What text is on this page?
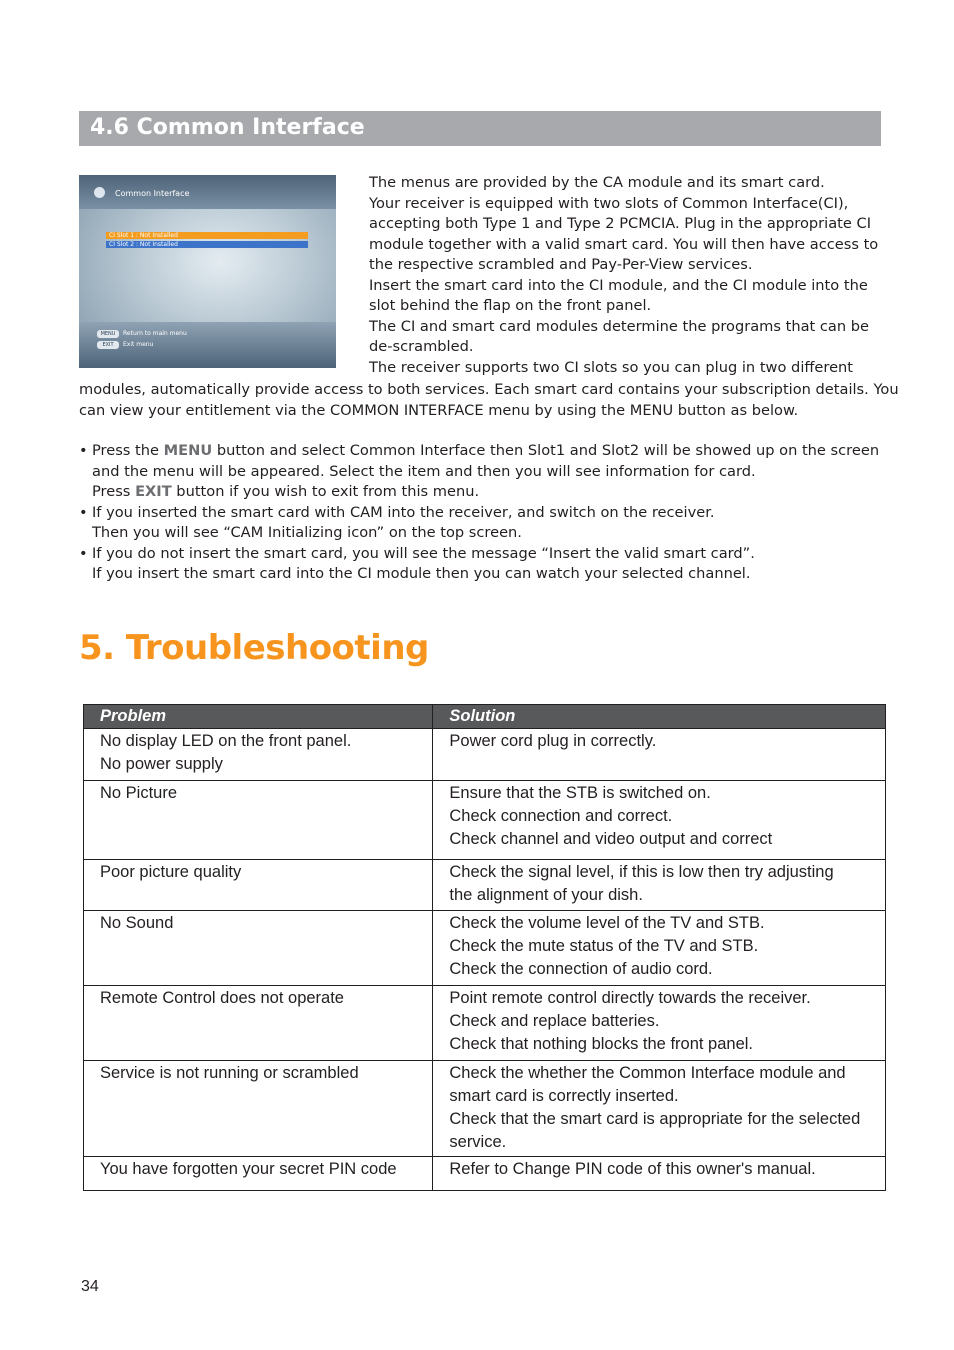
4.6 Common Interface
Common Interface
CI Slot 1 : Not Installed
CI Slot 2 : Not Installed
MENU	Return to main menu
EXIT	Exit menu

The menus are provided by the CA module and its smart card.

Your receiver is equipped with two slots of Common Interface(CI),

accepting both Type 1 and Type 2 PCMCIA. Plug in the appropriate CI

module together with a valid smart card. You will then have access to

the respective scrambled and Pay-Per-View services.

Insert the smart card into the CI module, and the CI module into the

slot behind the flap on the front panel.

The CI and smart card modules determine the programs that can be

de-scrambled.

The receiver supports two CI slots so you can plug in two different

modules, automatically provide access to both services. Each smart card contains your subscription details. You

can view your entitlement via the COMMON INTERFACE menu by using the MENU button as below.

• Press the MENU button and select Common Interface then Slot1 and Slot2 will be showed up on the screen
and the menu will be appeared. Select the item and then you will see information for card.
Press EXIT button if you wish to exit from this menu.
• If you inserted the smart card with CAM into the receiver, and switch on the receiver.
Then you will see “CAM Initializing icon” on the top screen.
• If you do not insert the smart card, you will see the message “Insert the valid smart card”.
If you insert the smart card into the CI module then you can watch your selected channel.
5. Troubleshooting
Problem	Solution

No display LED on the front panel.
No power supply	Power cord plug in correctly.

No Picture	Ensure that the STB is switched on.
Check connection and correct.
Check channel and video output and correct

Poor picture quality	Check the signal level, if this is low then try adjusting
the alignment of your dish.

No Sound	Check the volume level of the TV and STB.
Check the mute status of the TV and STB.
Check the connection of audio cord.

Remote Control does not operate	Point remote control directly towards the receiver.
Check and replace batteries.
Check that nothing blocks the front panel.

Service is not running or scrambled	Check the whether the Common Interface module and
smart card is correctly inserted.
Check that the smart card is appropriate for the selected
service.

You have forgotten your secret PIN code	Refer to Change PIN code of this owner's manual.
34
